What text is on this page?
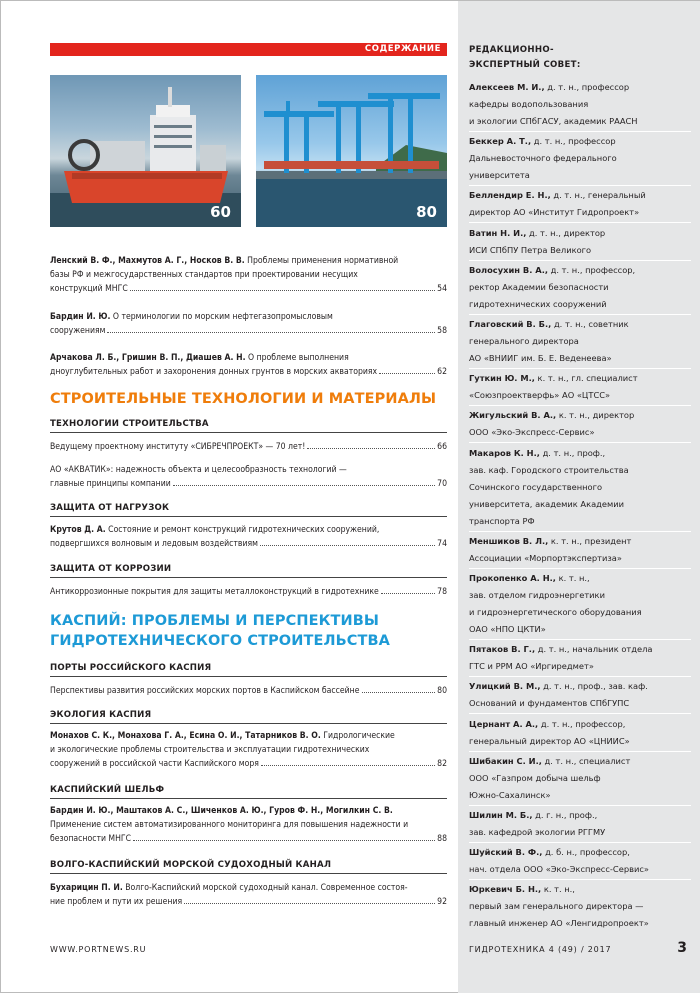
СОДЕРЖАНИЕ
60	80
Ленский В. Ф., Махмутов А. Г., Носков В. В. Проблемы применения нормативной
базы РФ и межгосударственных стандартов при проектировании несущих
конструкций МНГС	54
Бардин И. Ю. О терминологии по морским нефтегазопромысловым
сооружениям	58
Арчакова Л. Б., Гришин В. П., Диашев А. Н. О проблеме выполнения
дноуглубительных работ и захоронения донных грунтов в морских акваториях	62
СТРОИТЕЛЬНЫЕ ТЕХНОЛОГИИ И МАТЕРИАЛЫ
ТЕХНОЛОГИИ СТРОИТЕЛЬСТВА
Ведущему проектному институту «СИБРЕЧПРОЕКТ» — 70 лет!	66
АО «АКВАТИК»: надежность объекта и целесообразность технологий —
главные принципы компании	70
ЗАЩИТА ОТ НАГРУЗОК
Крутов Д. А. Состояние и ремонт конструкций гидротехнических сооружений,
подвергшихся волновым и ледовым воздействиям	74
ЗАЩИТА ОТ КОРРОЗИИ
Антикоррозионные покрытия для защиты металлоконструкций в гидротехнике	78
КАСПИЙ: ПРОБЛЕМЫ И ПЕРСПЕКТИВЫ
ГИДРОТЕХНИЧЕСКОГО СТРОИТЕЛЬСТВА
ПОРТЫ РОССИЙСКОГО КАСПИЯ
Перспективы развития российских морских портов в Каспийском бассейне	80
ЭКОЛОГИЯ КАСПИЯ
Монахов С. К., Монахова Г. А., Есина О. И., Татарников В. О. Гидрологические
и экологические проблемы строительства и эксплуатации гидротехнических
сооружений в российской части Каспийского моря	82
КАСПИЙСКИЙ ШЕЛЬФ
Бардин И. Ю., Маштаков А. С., Шиченков А. Ю., Гуров Ф. Н., Могилкин С. В.
Применение систем автоматизированного мониторинга для повышения надежности и
безопасности МНГС	88
ВОЛГО-КАСПИЙСКИЙ МОРСКОЙ СУДОХОДНЫЙ КАНАЛ
Бухарицин П. И. Волго-Каспийский морской судоходный канал. Современное состоя-
ние проблем и пути их решения	92
WWW.PORTNEWS.RU
РЕДАКЦИОННО-
ЭКСПЕРТНЫЙ СОВЕТ:
Алексеев М. И., д. т. н., профессор
кафедры водопользования
и экологии СПбГАСУ, академик РААСН
Беккер А. Т., д. т. н., профессор
Дальневосточного федерального
университета
Беллендир Е. Н., д. т. н., генеральный
директор АО «Институт Гидропроект»
Ватин Н. И., д. т. н., директор
ИСИ СПбПУ Петра Великого
Волосухин В. А., д. т. н., профессор,
ректор Академии безопасности
гидротехнических сооружений
Глаговский В. Б., д. т. н., советник
генерального директора
АО «ВНИИГ им. Б. Е. Веденеева»
Гуткин Ю. М., к. т. н., гл. специалист
«Союзпроектверфь» АО «ЦТСС»
Жигульский В. А., к. т. н., директор
ООО «Эко-Экспресс-Сервис»
Макаров К. Н., д. т. н., проф.,
зав. каф. Городского строительства
Сочинского государственного
университета, академик Академии
транспорта РФ
Меншиков В. Л., к. т. н., президент
Ассоциации «Морпортэкспертиза»
Прокопенко А. Н., к. т. н.,
зав. отделом гидроэнергетики
и гидроэнергетического оборудования
ОАО «НПО ЦКТИ»
Пятаков В. Г., д. т. н., начальник отдела
ГТС и РРМ АО «Иргиредмет»
Улицкий В. М., д. т. н., проф., зав. каф.
Оснований и фундаментов СПбГУПС
Цернант А. А., д. т. н., профессор,
генеральный директор АО «ЦНИИС»
Шибакин С. И., д. т. н., специалист
ООО «Газпром добыча шельф
Южно-Сахалинск»
Шилин М. Б., д. г. н., проф.,
зав. кафедрой экологии РГГМУ
Шуйский В. Ф., д. б. н., профессор,
нач. отдела ООО «Эко-Экспресс-Сервис»
Юркевич Б. Н., к. т. н.,
первый зам генерального директора —
главный инженер АО «Ленгидропроект»
ГИДРОТЕХНИКА 4 (49) / 2017	3
